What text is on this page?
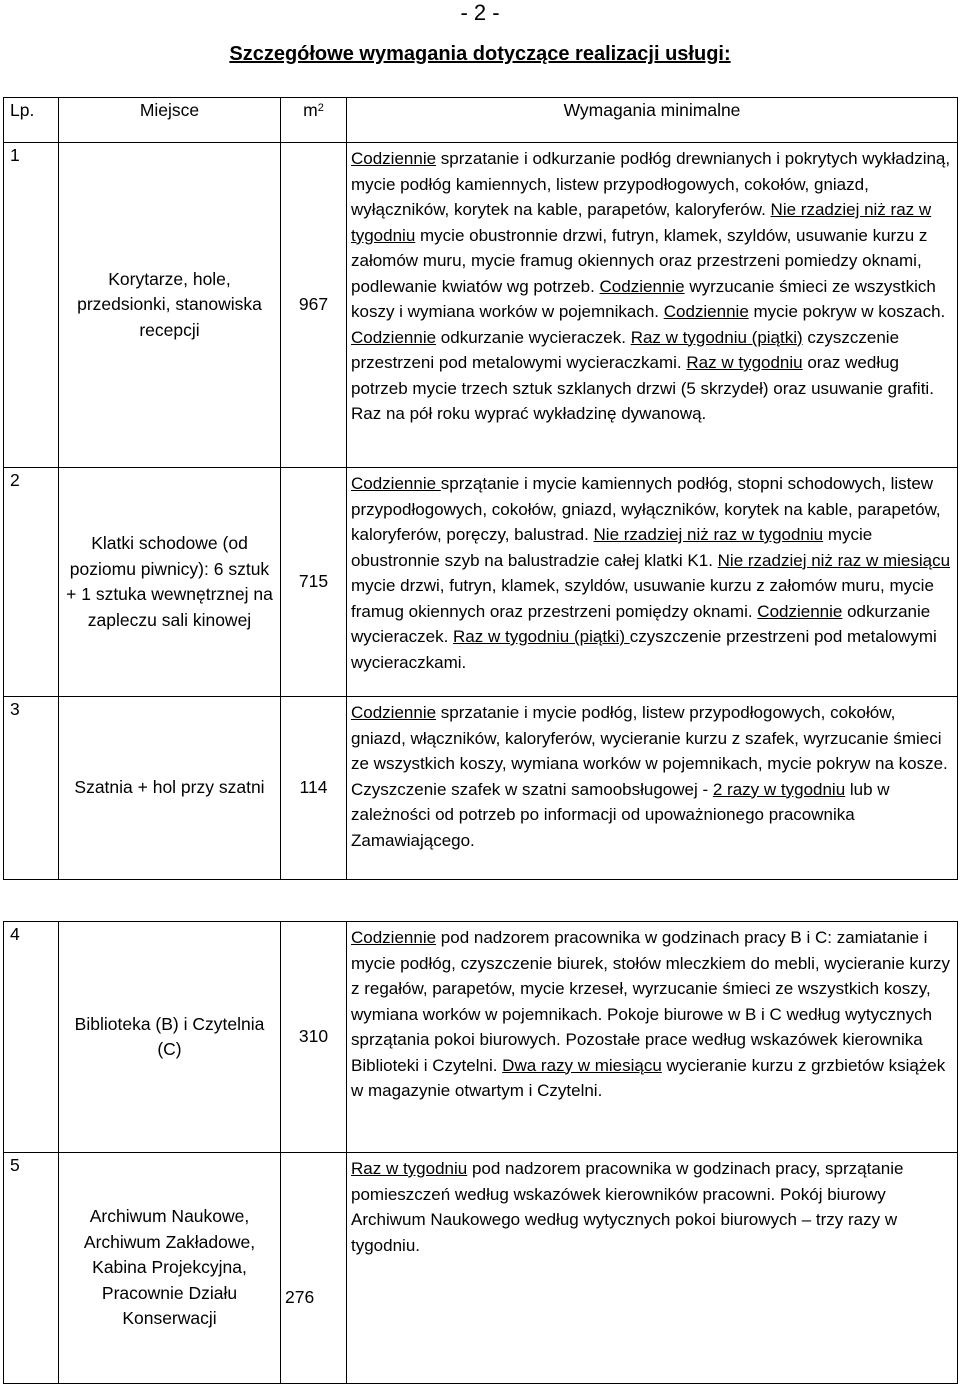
- 2 -
Szczegółowe wymagania dotyczące realizacji usługi:
Lp.	Miejsce	$m^2$	Wymagania minimalne
1	Korytarze, hole, przedsionki, stanowiska recepcji	967	Codziennie sprzatanie i odkurzanie podłóg drewnianych i pokrytych wykładziną, mycie podłóg kamiennych, listew przypodłogowych, cokołów, gniazd, wyłączników, korytek na kable, parapetów, kaloryferów. Nie rzadziej niż raz w tygodniu mycie obustronnie drzwi, futryn, klamek, szyldów, usuwanie kurzu z załomów muru, mycie framug okiennych oraz przestrzeni pomiedzy oknami, podlewanie kwiatów wg potrzeb. Codziennie wyrzucanie śmieci ze wszystkich koszy i wymiana worków w pojemnikach. Codziennie mycie pokryw w koszach. Codziennie odkurzanie wycieraczek. Raz w tygodniu (piątki) czyszczenie przestrzeni pod metalowymi wycieraczkami. Raz w tygodniu oraz według potrzeb mycie trzech sztuk szklanych drzwi (5 skrzydeł) oraz usuwanie grafiti. Raz na pół roku wyprać wykładzinę dywanową.
2	Klatki schodowe (od poziomu piwnicy): 6 sztuk + 1 sztuka wewnętrznej na zapleczu sali kinowej	715	Codziennie sprzątanie i mycie kamiennych podłóg, stopni schodowych, listew przypodłogowych, cokołów, gniazd, wyłączników, korytek na kable, parapetów, kaloryferów, poręczy, balustrad. Nie rzadziej niż raz w tygodniu mycie obustronnie szyb na balustradzie całej klatki K1. Nie rzadziej niż raz w miesiącu mycie drzwi, futryn, klamek, szyldów, usuwanie kurzu z załomów muru, mycie framug okiennych oraz przestrzeni pomiędzy oknami. Codziennie odkurzanie wycieraczek. Raz w tygodniu (piątki) czyszczenie przestrzeni pod metalowymi wycieraczkami.
3	Szatnia + hol przy szatni	114	Codziennie sprzatanie i mycie podłóg, listew przypodłogowych, cokołów, gniazd, włączników, kaloryferów, wycieranie kurzu z szafek, wyrzucanie śmieci ze wszystkich koszy, wymiana worków w pojemnikach, mycie pokryw na kosze. Czyszczenie szafek w szatni samoobsługowej - 2 razy w tygodniu lub w zależności od potrzeb po informacji od upoważnionego pracownika Zamawiającego.
4	Biblioteka (B) i Czytelnia (C)	310	Codziennie pod nadzorem pracownika w godzinach pracy B i C: zamiatanie i mycie podłóg, czyszczenie biurek, stołów mleczkiem do mebli, wycieranie kurzy z regałów, parapetów, mycie krzeseł, wyrzucanie śmieci ze wszystkich koszy, wymiana worków w pojemnikach. Pokoje biurowe w B i C według wytycznych sprzątania pokoi biurowych. Pozostałe prace według wskazówek kierownika Biblioteki i Czytelni. Dwa razy w miesiącu wycieranie kurzu z grzbietów książek w magazynie otwartym i Czytelni.
5	Archiwum Naukowe, Archiwum Zakładowe, Kabina Projekcyjna, Pracownie Działu Konserwacji	276	Raz w tygodniu pod nadzorem pracownika w godzinach pracy, sprzątanie pomieszczeń według wskazówek kierowników pracowni. Pokój biurowy Archiwum Naukowego według wytycznych pokoi biurowych – trzy razy w tygodniu.
